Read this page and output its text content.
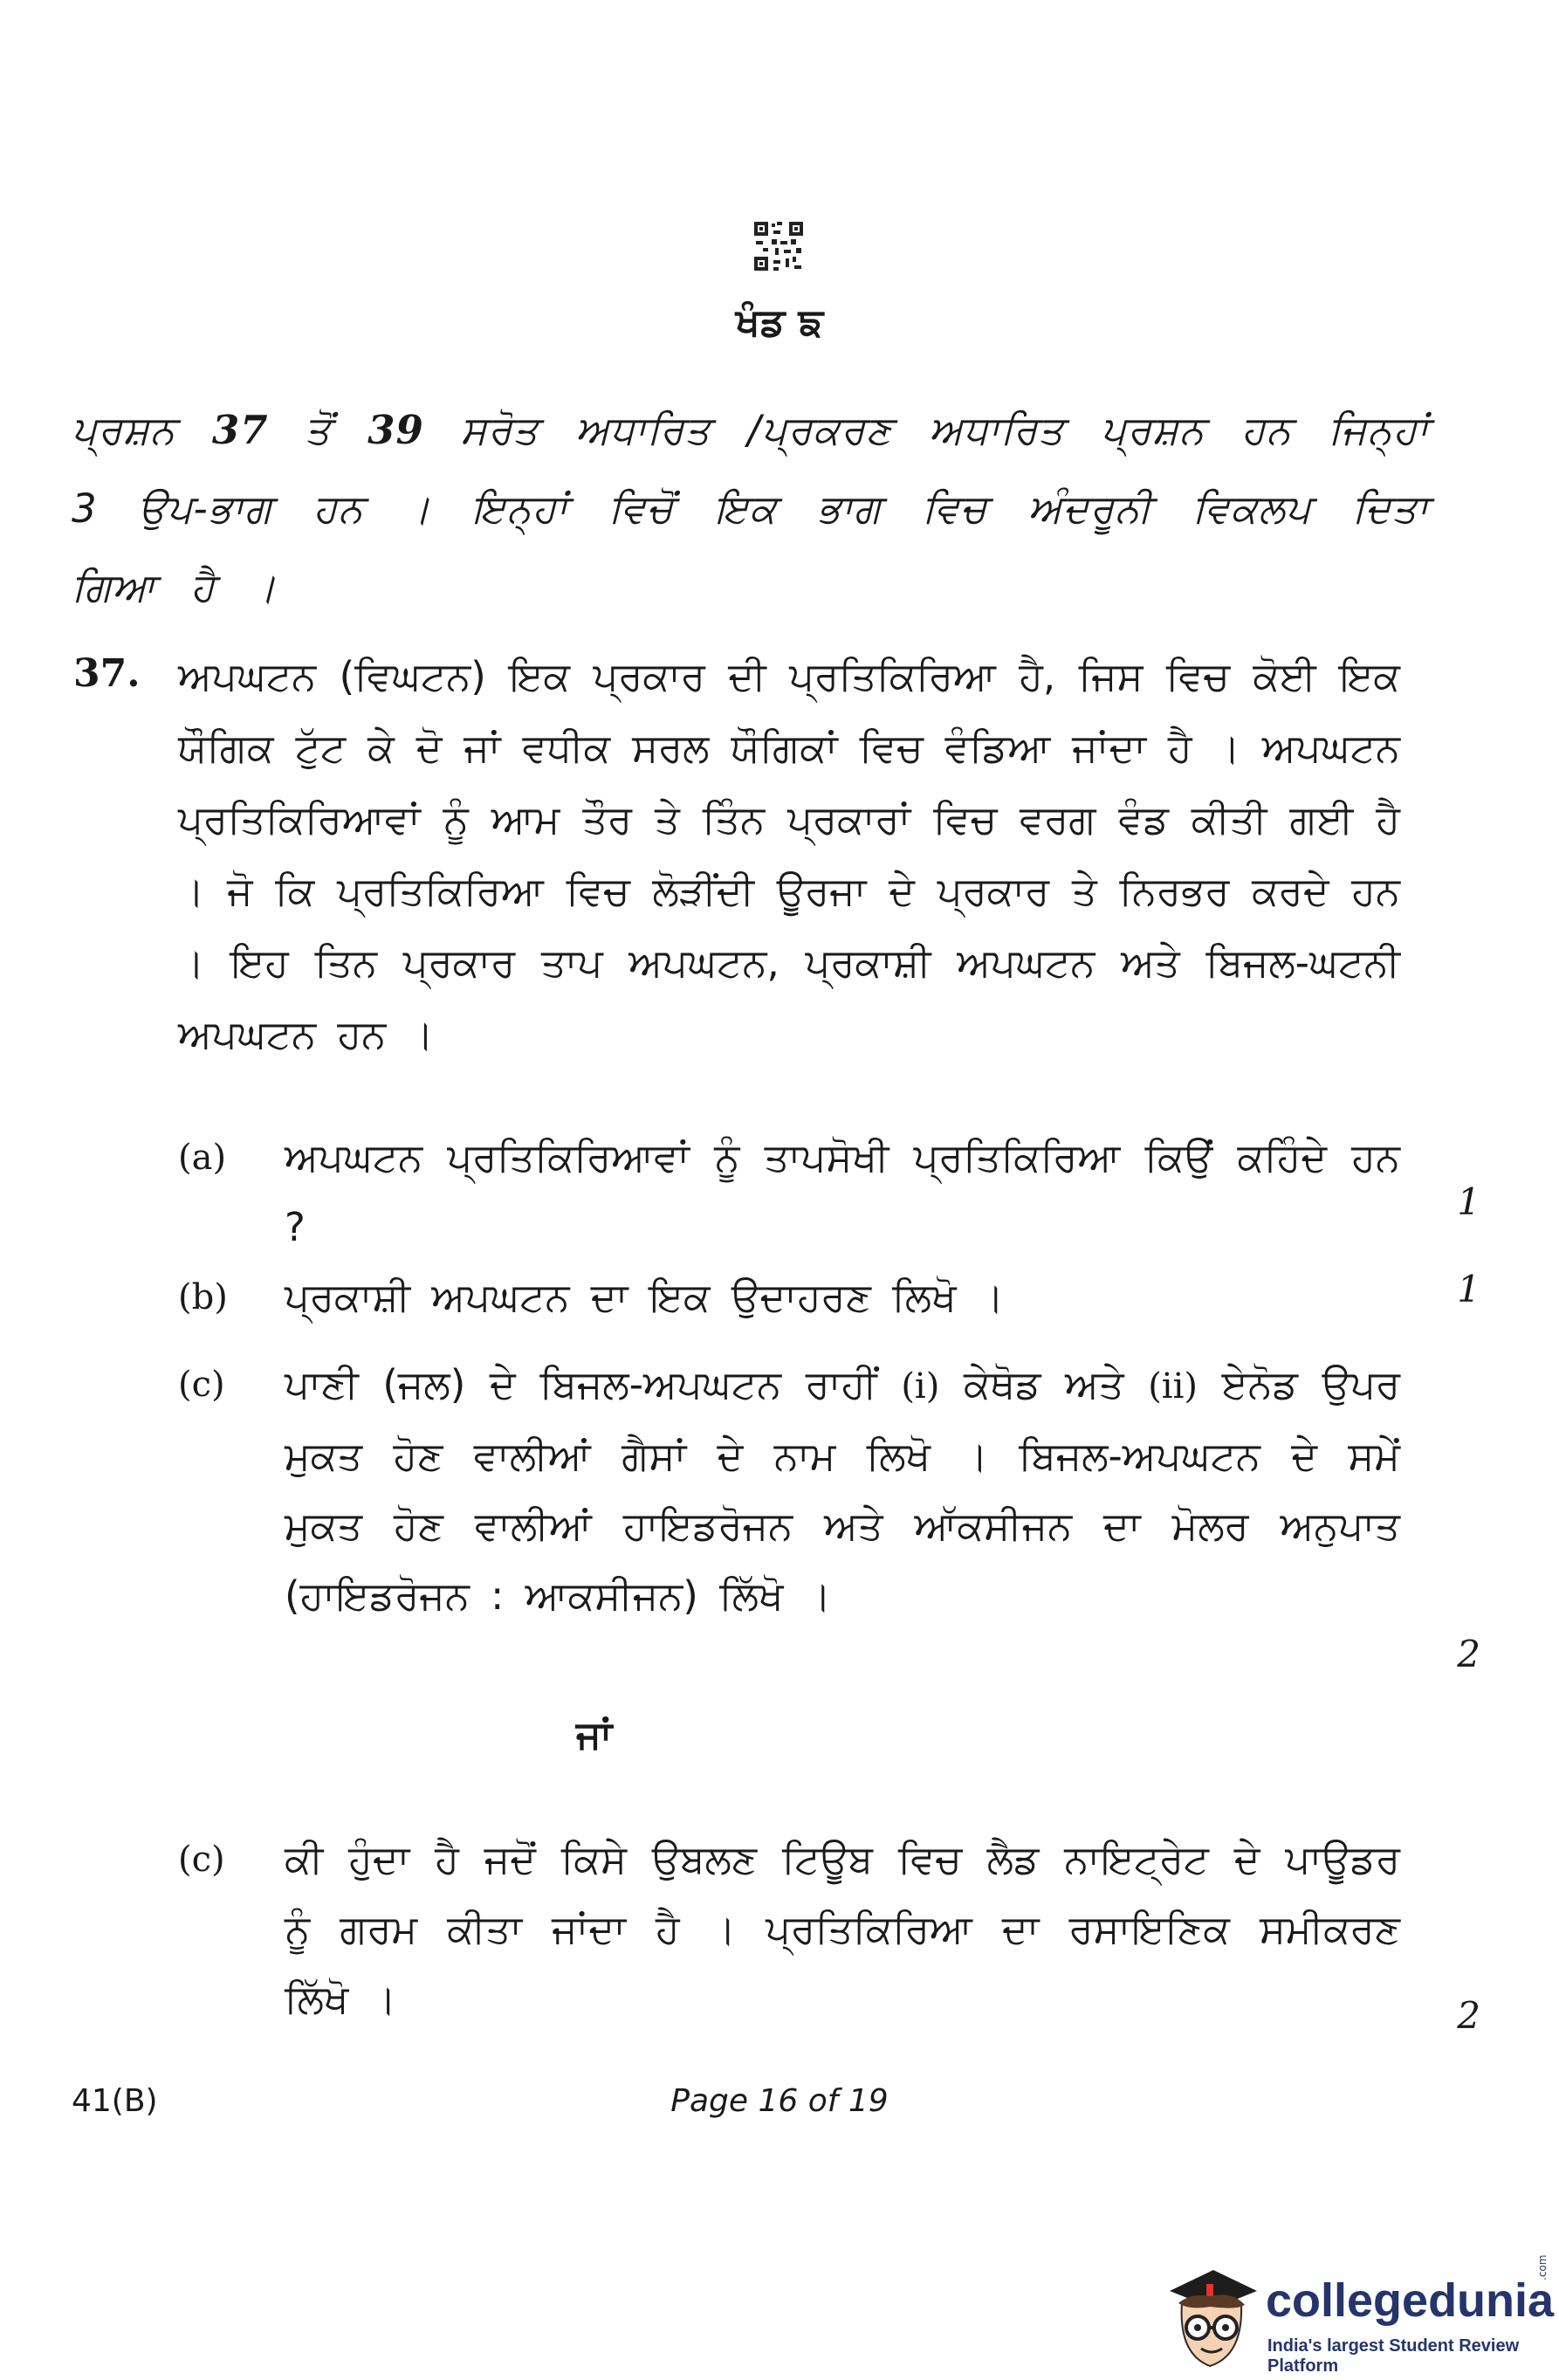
ਖੰਡ ਙ

ਪ੍ਰਸ਼ਨ 37 ਤੋਂ 39 ਸਰੋਤ ਅਧਾਰਿਤ /ਪ੍ਰਕਰਣ ਅਧਾਰਿਤ ਪ੍ਰਸ਼ਨ ਹਨ ਜਿਨ੍ਹਾਂ 3 ਉਪ-ਭਾਗ ਹਨ । ਇਨ੍ਹਾਂ ਵਿਚੋਂ ਇਕ ਭਾਗ ਵਿਚ ਅੰਦਰੂਨੀ ਵਿਕਲਪ ਦਿਤਾ ਗਿਆ ਹੈ ।

37. ਅਪਘਟਨ (ਵਿਘਟਨ) ਇਕ ਪ੍ਰਕਾਰ ਦੀ ਪ੍ਰਤਿਕਿਰਿਆ ਹੈ, ਜਿਸ ਵਿਚ ਕੋਈ ਇਕ ਯੌਗਿਕ ਟੁੱਟ ਕੇ ਦੋ ਜਾਂ ਵਧੀਕ ਸਰਲ ਯੌਗਿਕਾਂ ਵਿਚ ਵੰਡਿਆ ਜਾਂਦਾ ਹੈ । ਅਪਘਟਨ ਪ੍ਰਤਿਕਿਰਿਆਵਾਂ ਨੂੰ ਆਮ ਤੌਰ ਤੇ ਤਿੰਨ ਪ੍ਰਕਾਰਾਂ ਵਿਚ ਵਰਗ ਵੰਡ ਕੀਤੀ ਗਈ ਹੈ । ਜੋ ਕਿ ਪ੍ਰਤਿਕਿਰਿਆ ਵਿਚ ਲੋੜੀਂਦੀ ਊਰਜਾ ਦੇ ਪ੍ਰਕਾਰ ਤੇ ਨਿਰਭਰ ਕਰਦੇ ਹਨ । ਇਹ ਤਿਨ ਪ੍ਰਕਾਰ ਤਾਪ ਅਪਘਟਨ, ਪ੍ਰਕਾਸ਼ੀ ਅਪਘਟਨ ਅਤੇ ਬਿਜਲ-ਘਟਨੀ ਅਪਘਟਨ ਹਨ ।

(a) ਅਪਘਟਨ ਪ੍ਰਤਿਕਿਰਿਆਵਾਂ ਨੂੰ ਤਾਪਸੋਖੀ ਪ੍ਰਤਿਕਿਰਿਆ ਕਿਉਂ ਕਹਿੰਦੇ ਹਨ ?

1
(b) ਪ੍ਰਕਾਸ਼ੀ ਅਪਘਟਨ ਦਾ ਇਕ ਉਦਾਹਰਣ ਲਿਖੋ ।	1
(c) ਪਾਣੀ (ਜਲ) ਦੇ ਬਿਜਲ-ਅਪਘਟਨ ਰਾਹੀਂ (i) ਕੇਥੋਡ ਅਤੇ (ii) ਏਨੋਡ ਉਪਰ ਮੁਕਤ ਹੋਣ ਵਾਲੀਆਂ ਗੈਸਾਂ ਦੇ ਨਾਮ ਲਿਖੋ । ਬਿਜਲ-ਅਪਘਟਨ ਦੇ ਸਮੇਂ ਮੁਕਤ ਹੋਣ ਵਾਲੀਆਂ ਹਾਇਡਰੋਜਨ ਅਤੇ ਆੱਕਸੀਜਨ ਦਾ ਮੋਲਰ ਅਨੁਪਾਤ (ਹਾਇਡਰੋਜਨ : ਆਕਸੀਜਨ) ਲਿੱਖੋ ।

2
ਜਾਂ
(c) ਕੀ ਹੁੰਦਾ ਹੈ ਜਦੋਂ ਕਿਸੇ ਉਬਲਣ ਟਿਊਬ ਵਿਚ ਲੈਡ ਨਾਇਟ੍ਰੇਟ ਦੇ ਪਾਊਡਰ ਨੂੰ ਗਰਮ ਕੀਤਾ ਜਾਂਦਾ ਹੈ । ਪ੍ਰਤਿਕਿਰਿਆ ਦਾ ਰਸਾਇਣਿਕ ਸਮੀਕਰਣ ਲਿੱਖੋ ।	2
41(B)	Page 16 of 19
collegedunia
.com
India's largest Student Review Platform
